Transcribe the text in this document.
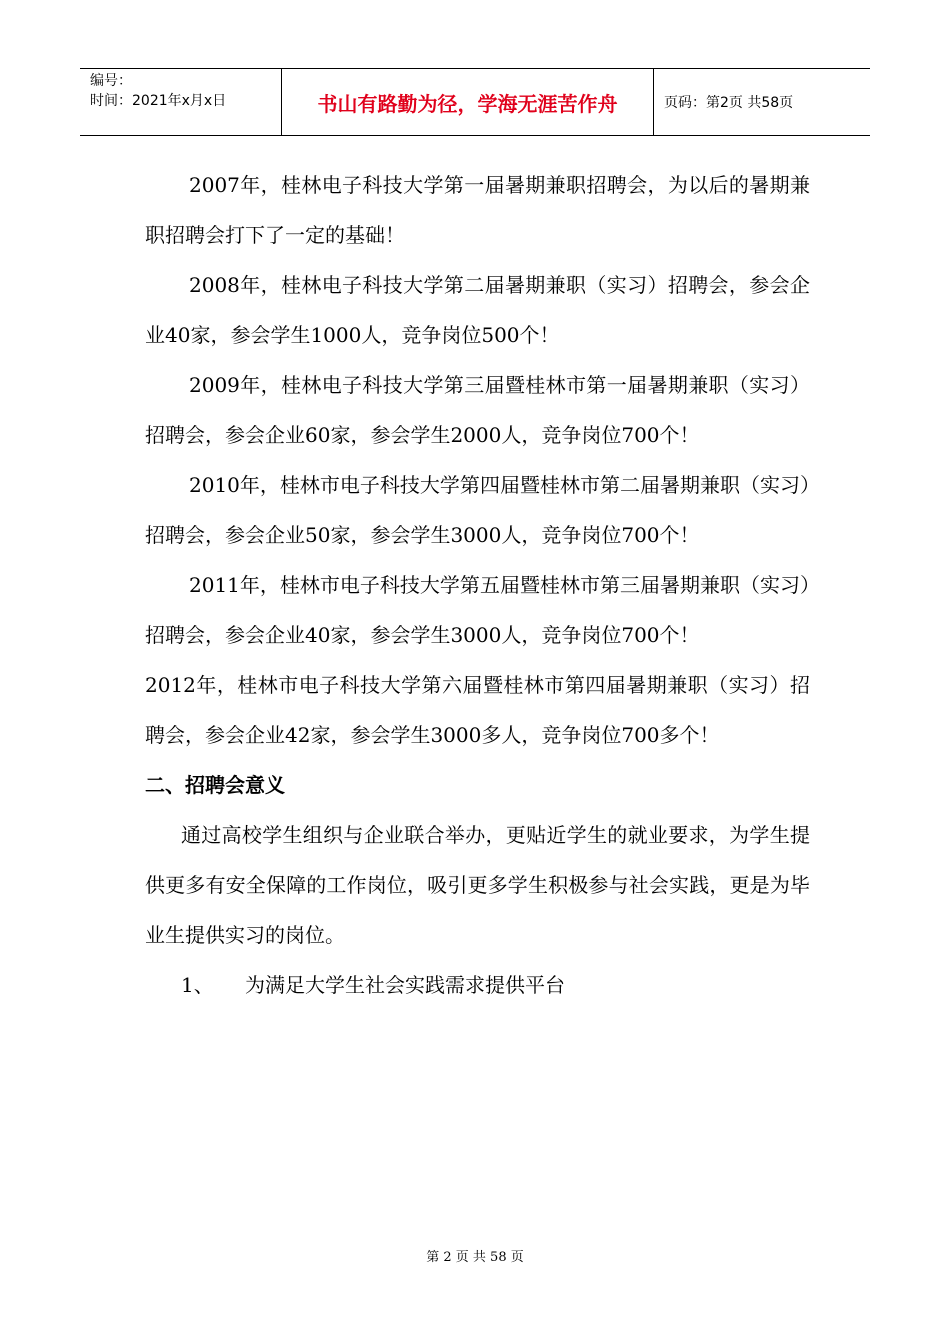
编号：
时间：2021年x月x日	书山有路勤为径，学海无涯苦作舟	页码：第2页 共58页

2007年，桂林电子科技大学第一届暑期兼职招聘会，为以后的暑期兼职招聘会打下了一定的基础！

2008年，桂林电子科技大学第二届暑期兼职（实习）招聘会，参会企业40家，参会学生1000人，竞争岗位500个！

2009年，桂林电子科技大学第三届暨桂林市第一届暑期兼职（实习）招聘会，参会企业60家，参会学生2000人，竞争岗位700个！

2010年，桂林市电子科技大学第四届暨桂林市第二届暑期兼职（实习）招聘会，参会企业50家，参会学生3000人，竞争岗位700个！

2011年，桂林市电子科技大学第五届暨桂林市第三届暑期兼职（实习）招聘会，参会企业40家，参会学生3000人，竞争岗位700个！

2012年，桂林市电子科技大学第六届暨桂林市第四届暑期兼职（实习）招聘会，参会企业42家，参会学生3000多人，竞争岗位700多个！

二、招聘会意义

通过高校学生组织与企业联合举办，更贴近学生的就业要求，为学生提供更多有安全保障的工作岗位，吸引更多学生积极参与社会实践，更是为毕业生提供实习的岗位。

1、 为满足大学生社会实践需求提供平台

第 2 页 共 58 页
